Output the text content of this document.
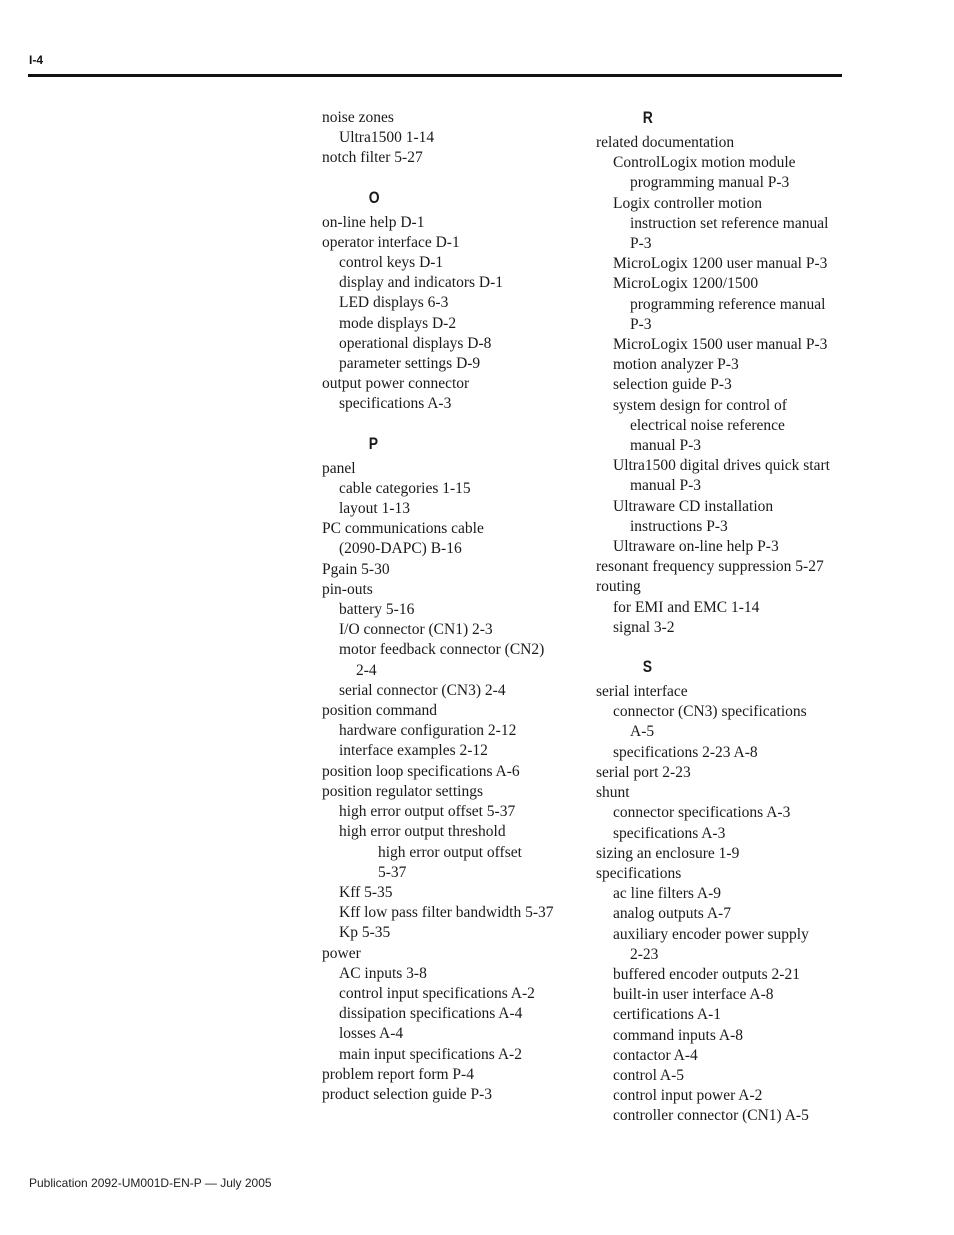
I-4
noise zones
Ultra1500 1-14
notch filter 5-27
O
on-line help D-1
operator interface D-1
control keys D-1
display and indicators D-1
LED displays 6-3
mode displays D-2
operational displays D-8
parameter settings D-9
output power connector
specifications A-3
P
panel
cable categories 1-15
layout 1-13
PC communications cable
(2090-DAPC) B-16
Pgain 5-30
pin-outs
battery 5-16
I/O connector (CN1) 2-3
motor feedback connector (CN2)
2-4
serial connector (CN3) 2-4
position command
hardware configuration 2-12
interface examples 2-12
position loop specifications A-6
position regulator settings
high error output offset 5-37
high error output threshold
high error output offset
5-37
Kff 5-35
Kff low pass filter bandwidth 5-37
Kp 5-35
power
AC inputs 3-8
control input specifications A-2
dissipation specifications A-4
losses A-4
main input specifications A-2
problem report form P-4
product selection guide P-3
R
related documentation
ControlLogix motion module
programming manual P-3
Logix controller motion
instruction set reference manual
P-3
MicroLogix 1200 user manual P-3
MicroLogix 1200/1500
programming reference manual
P-3
MicroLogix 1500 user manual P-3
motion analyzer P-3
selection guide P-3
system design for control of
electrical noise reference
manual P-3
Ultra1500 digital drives quick start
manual P-3
Ultraware CD installation
instructions P-3
Ultraware on-line help P-3
resonant frequency suppression 5-27
routing
for EMI and EMC 1-14
signal 3-2
S
serial interface
connector (CN3) specifications
A-5
specifications 2-23 A-8
serial port 2-23
shunt
connector specifications A-3
specifications A-3
sizing an enclosure 1-9
specifications
ac line filters A-9
analog outputs A-7
auxiliary encoder power supply
2-23
buffered encoder outputs 2-21
built-in user interface A-8
certifications A-1
command inputs A-8
contactor A-4
control A-5
control input power A-2
controller connector (CN1) A-5
Publication 2092-UM001D-EN-P — July 2005
